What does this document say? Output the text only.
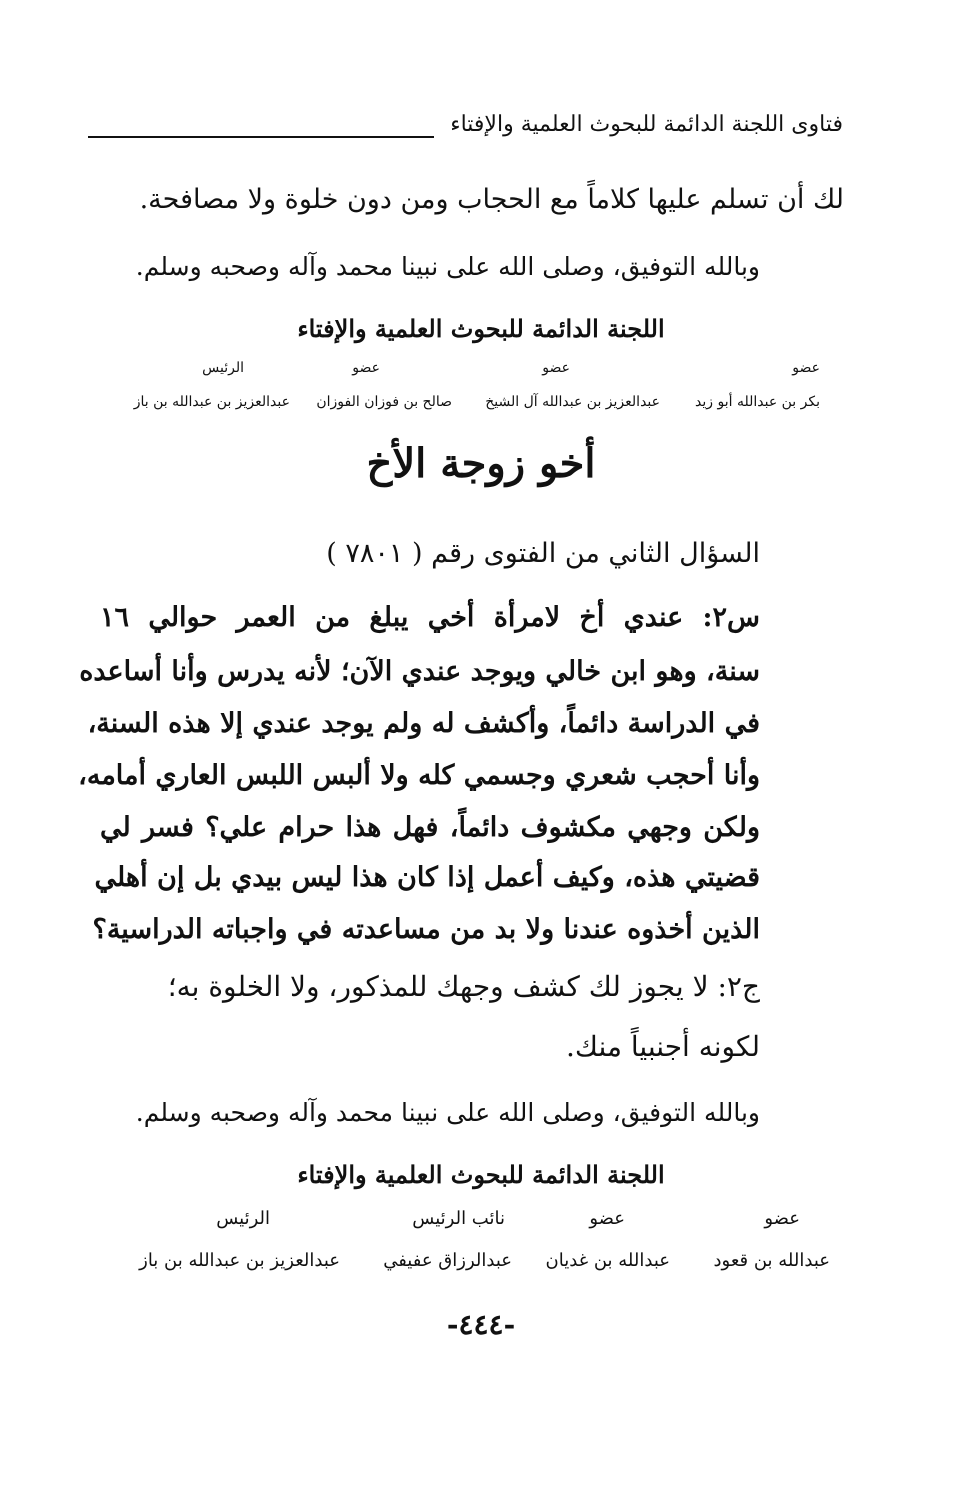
فتاوى اللجنة الدائمة للبحوث العلمية والإفتاء
لك أن تسلم عليها كلاماً مع الحجاب ومن دون خلوة ولا مصافحة.
وبالله التوفيق، وصلى الله على نبينا محمد وآله وصحبه وسلم.
اللجنة الدائمة للبحوث العلمية والإفتاء
عضو
عضو
عضو
الرئيس
بكر بن عبدالله أبو زيد
عبدالعزيز بن عبدالله آل الشيخ
صالح بن فوزان الفوزان
عبدالعزيز بن عبدالله بن باز
أخو زوجة الأخ
السؤال الثاني من الفتوى رقم ( ٧٨٠١ )
س٢: عندي أخ لامرأة أخي يبلغ من العمر حوالي ١٦
سنة، وهو ابن خالي ويوجد عندي الآن؛ لأنه يدرس وأنا أساعده
في الدراسة دائماً، وأكشف له ولم يوجد عندي إلا هذه السنة،
وأنا أحجب شعري وجسمي كله ولا ألبس اللبس العاري أمامه،
ولكن وجهي مكشوف دائماً، فهل هذا حرام علي؟ فسر لي
قضيتي هذه، وكيف أعمل إذا كان هذا ليس بيدي بل إن أهلي
الذين أخذوه عندنا ولا بد من مساعدته في واجباته الدراسية؟
ج٢: لا يجوز لك كشف وجهك للمذكور، ولا الخلوة به؛
لكونه أجنبياً منك.
وبالله التوفيق، وصلى الله على نبينا محمد وآله وصحبه وسلم.
اللجنة الدائمة للبحوث العلمية والإفتاء
عضو
عضو
نائب الرئيس
الرئيس
عبدالله بن قعود
عبدالله بن غديان
عبدالرزاق عفيفي
عبدالعزيز بن عبدالله بن باز
-٤٤٤-
